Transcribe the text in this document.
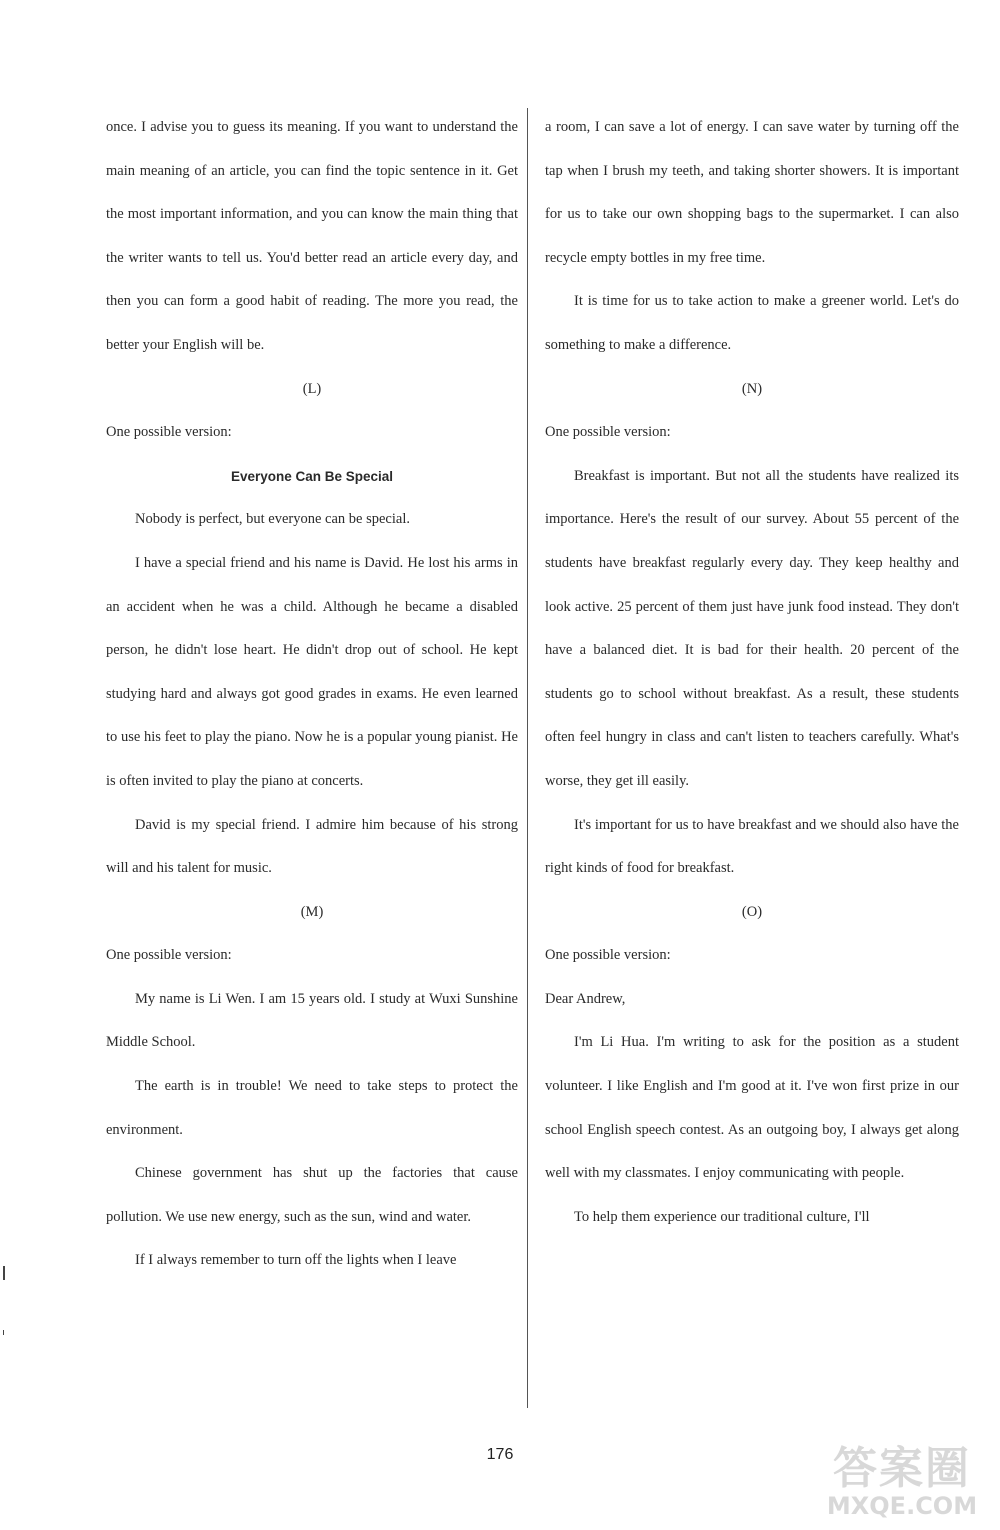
once. I advise you to guess its meaning. If you want to understand the main meaning of an article, you can find the topic sentence in it. Get the most important information, and you can know the main thing that the writer wants to tell us. You'd better read an article every day, and then you can form a good habit of reading. The more you read, the better your English will be.

(L)

One possible version:

Everyone Can Be Special

Nobody is perfect, but everyone can be special.

I have a special friend and his name is David. He lost his arms in an accident when he was a child. Although he became a disabled person, he didn't lose heart. He didn't drop out of school. He kept studying hard and always got good grades in exams. He even learned to use his feet to play the piano. Now he is a popular young pianist. He is often invited to play the piano at concerts.

David is my special friend. I admire him because of his strong will and his talent for music.

(M)

One possible version:

My name is Li Wen. I am 15 years old. I study at Wuxi Sunshine Middle School.

The earth is in trouble! We need to take steps to protect the environment.

Chinese government has shut up the factories that cause pollution. We use new energy, such as the sun, wind and water.

If I always remember to turn off the lights when I leave

a room, I can save a lot of energy. I can save water by turning off the tap when I brush my teeth, and taking shorter showers. It is important for us to take our own shopping bags to the supermarket. I can also recycle empty bottles in my free time.

It is time for us to take action to make a greener world. Let's do something to make a difference.

(N)

One possible version:

Breakfast is important. But not all the students have realized its importance. Here's the result of our survey. About 55 percent of the students have breakfast regularly every day. They keep healthy and look active. 25 percent of them just have junk food instead. They don't have a balanced diet. It is bad for their health. 20 percent of the students go to school without breakfast. As a result, these students often feel hungry in class and can't listen to teachers carefully. What's worse, they get ill easily.

It's important for us to have breakfast and we should also have the right kinds of food for breakfast.

(O)

One possible version:

Dear Andrew,

I'm Li Hua. I'm writing to ask for the position as a student volunteer. I like English and I'm good at it. I've won first prize in our school English speech contest. As an outgoing boy, I always get along well with my classmates. I enjoy communicating with people.

To help them experience our traditional culture, I'll

176	答案圈
MXQE.COM
